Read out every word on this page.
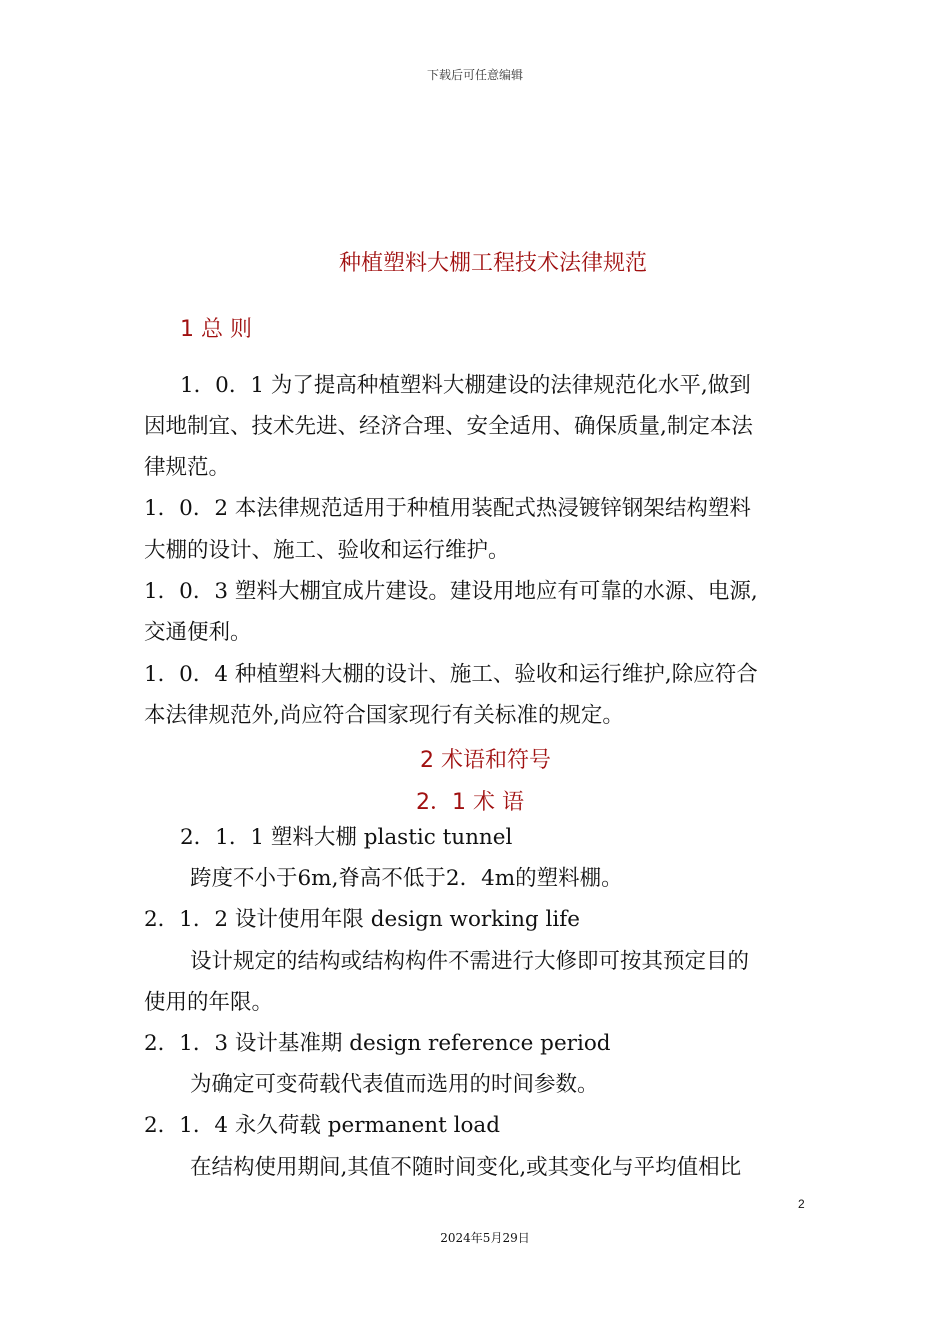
下载后可任意编辑
种植塑料大棚工程技术法律规范
1 总 则
1．0．1 为了提高种植塑料大棚建设的法律规范化水平,做到
因地制宜、技术先进、经济合理、安全适用、确保质量,制定本法
律规范。
1．0．2 本法律规范适用于种植用装配式热浸镀锌钢架结构塑料
大棚的设计、施工、验收和运行维护。
1．0．3 塑料大棚宜成片建设。建设用地应有可靠的水源、电源,
交通便利。
1．0．4 种植塑料大棚的设计、施工、验收和运行维护,除应符合
本法律规范外,尚应符合国家现行有关标准的规定。
2 术语和符号
2．1 术 语
2．1．1 塑料大棚 plastic tunnel
跨度不小于6m,脊高不低于2．4m的塑料棚。
2．1．2 设计使用年限 design working life
设计规定的结构或结构构件不需进行大修即可按其预定目的
使用的年限。
2．1．3 设计基准期 design reference period
为确定可变荷载代表值而选用的时间参数。
2．1．4 永久荷载 permanent load
在结构使用期间,其值不随时间变化,或其变化与平均值相比
2
2024年5月29日
